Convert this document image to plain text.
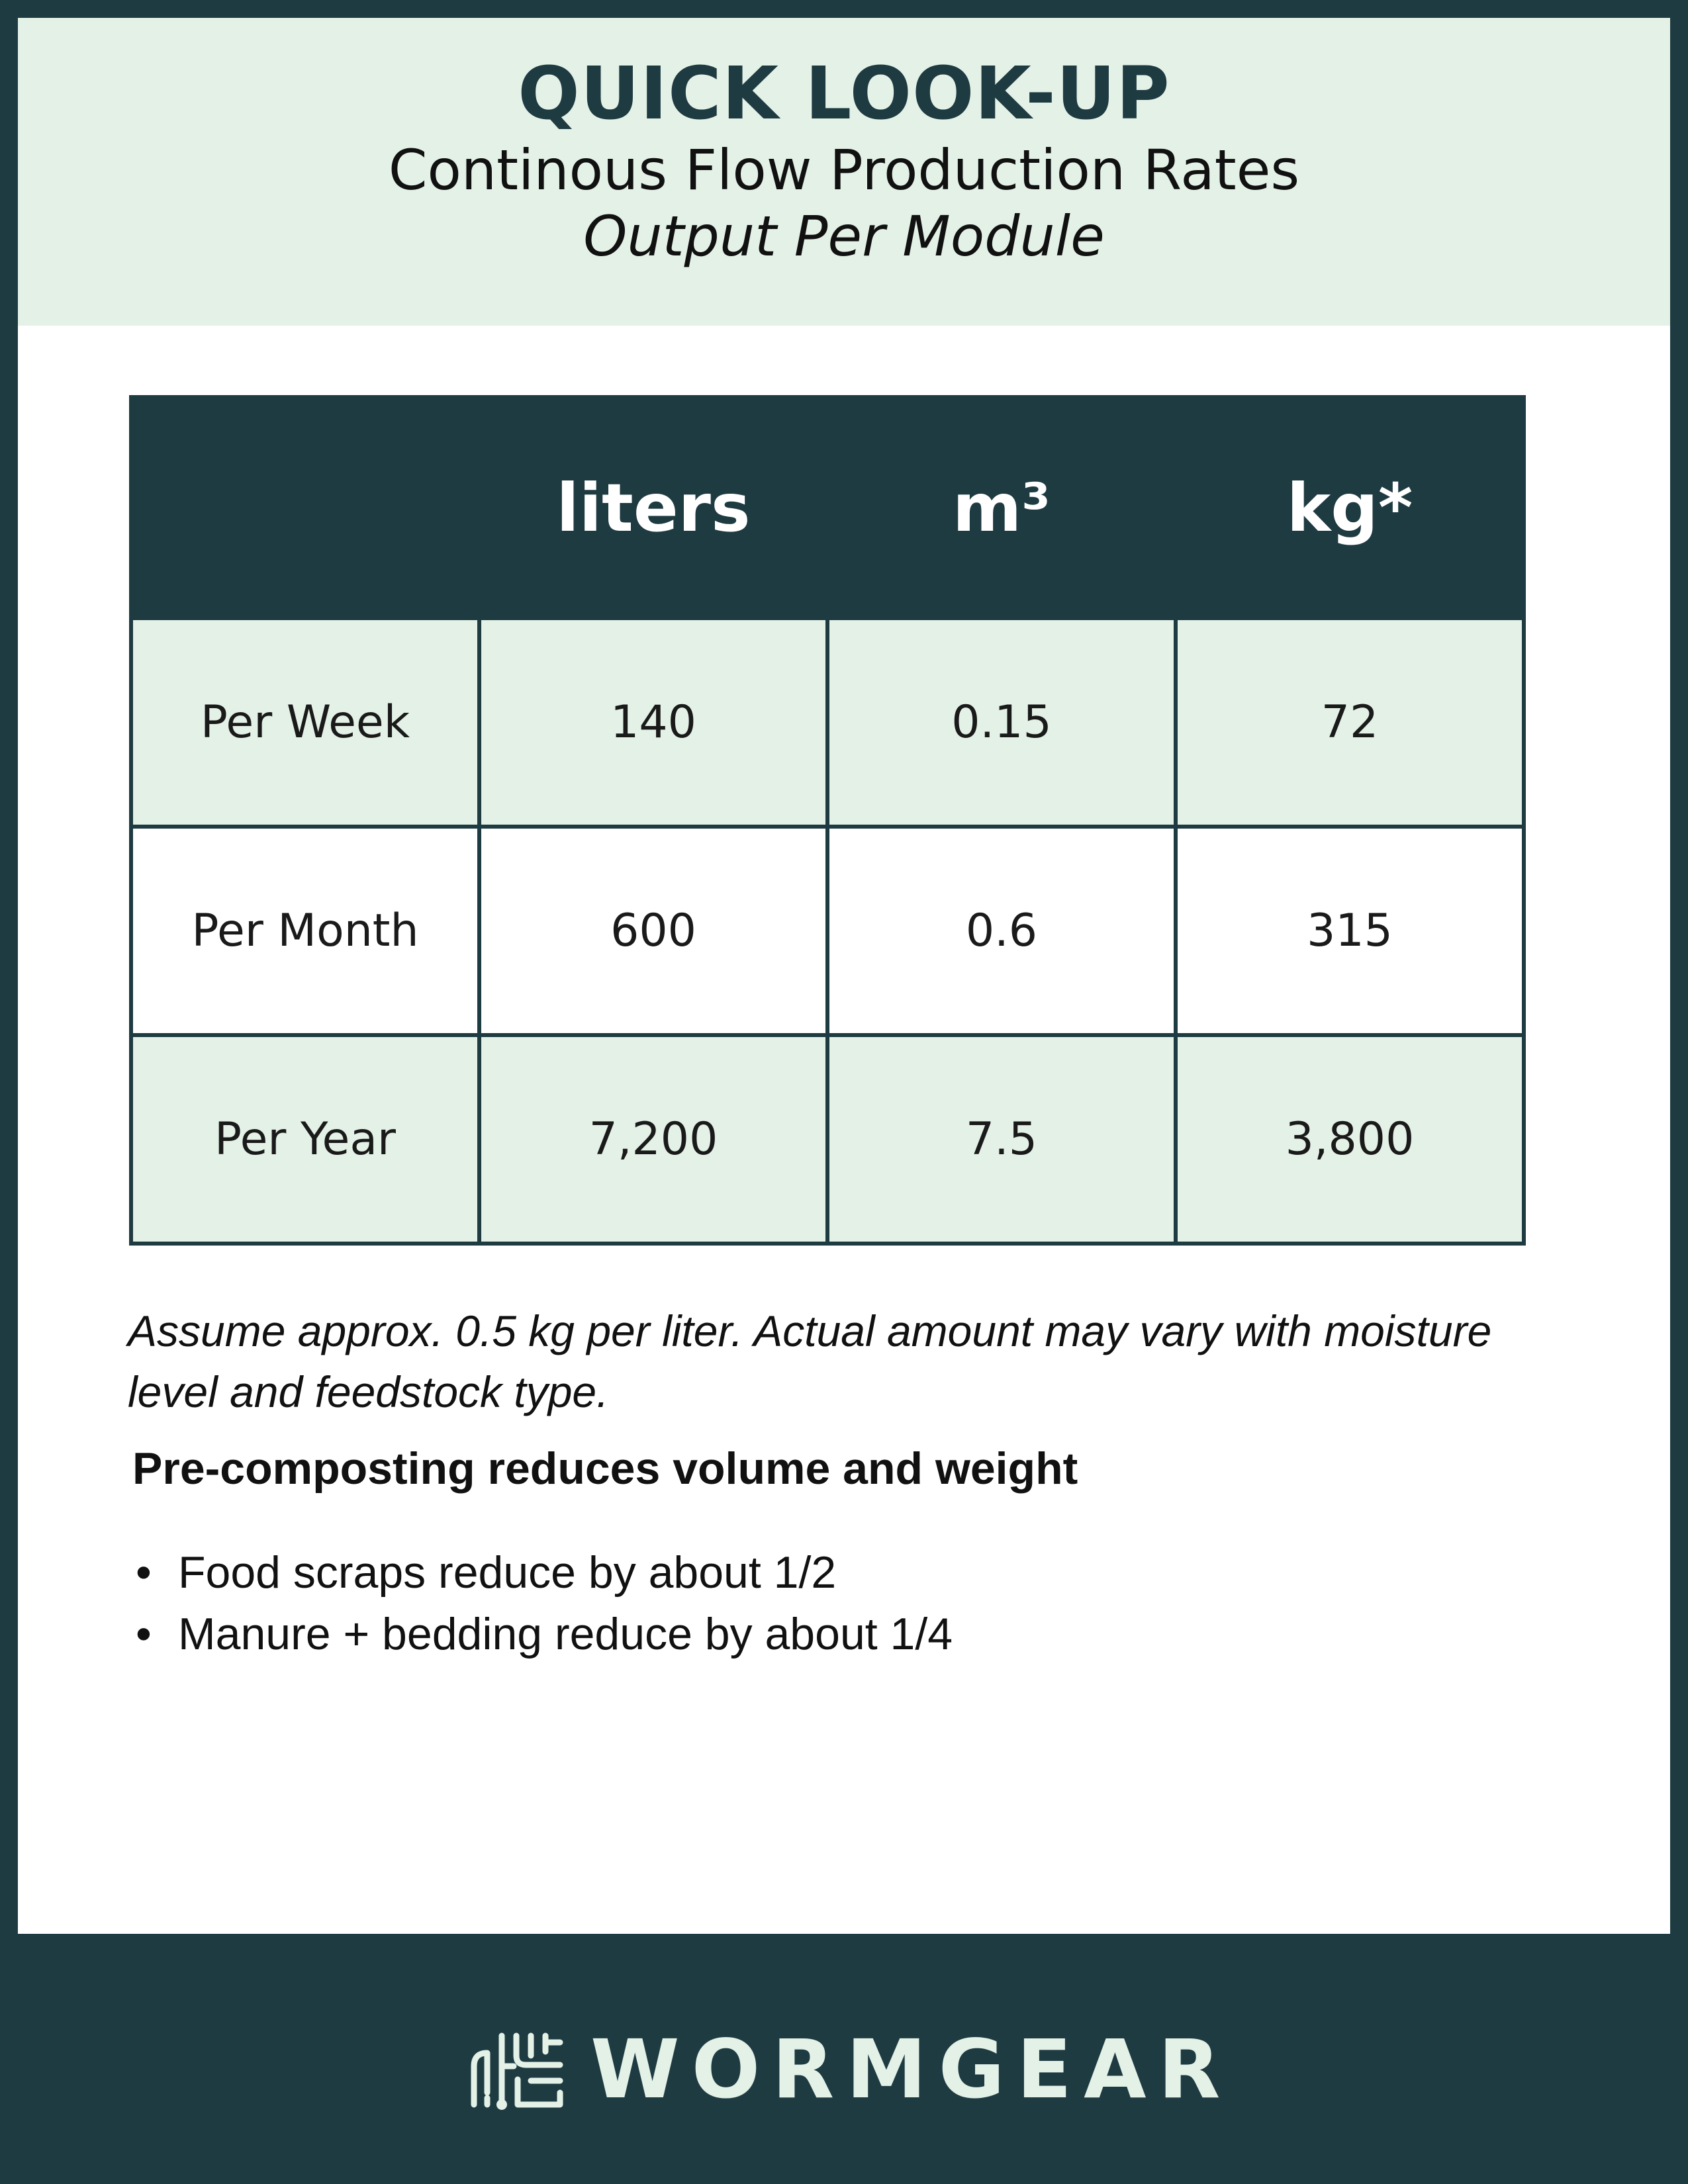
QUICK LOOK-UP
Continous Flow Production Rates
Output Per Module
	liters	m³	kg*
Per Week	140	0.15	72
Per Month	600	0.6	315
Per Year	7,200	7.5	3,800
Assume approx. 0.5 kg per liter. Actual amount may vary with moisture level and feedstock type.
Pre-composting reduces volume and weight
• Food scraps reduce by about 1/2
• Manure + bedding reduce by about 1/4
WORMGEAR
